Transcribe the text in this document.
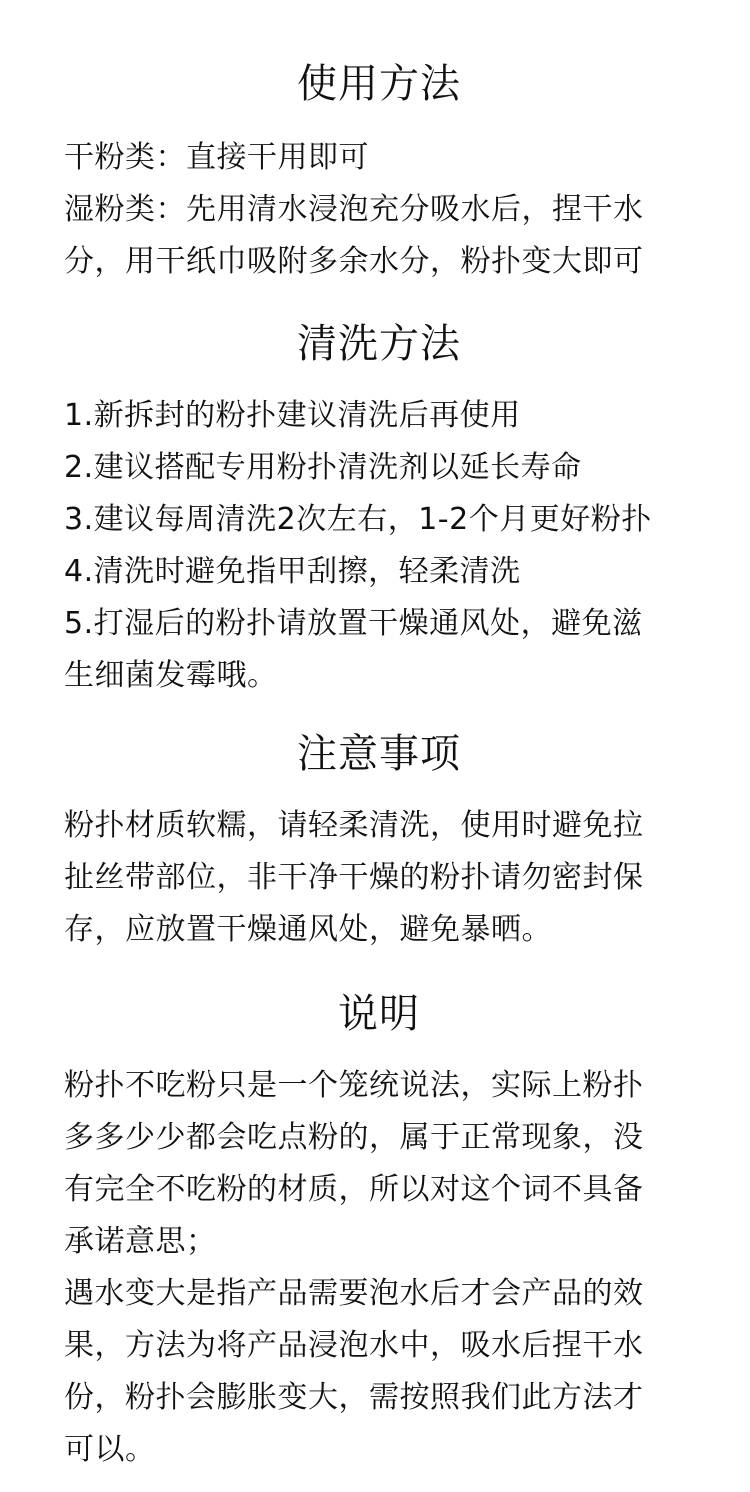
使用方法
干粉类：直接干用即可
湿粉类：先用清水浸泡充分吸水后，捏干水
分，用干纸巾吸附多余水分，粉扑变大即可
清洗方法
1.新拆封的粉扑建议清洗后再使用
2.建议搭配专用粉扑清洗剂以延长寿命
3.建议每周清洗2次左右，1-2个月更好粉扑
4.清洗时避免指甲刮擦，轻柔清洗
5.打湿后的粉扑请放置干燥通风处，避免滋
生细菌发霉哦。
注意事项
粉扑材质软糯，请轻柔清洗，使用时避免拉
扯丝带部位，非干净干燥的粉扑请勿密封保
存，应放置干燥通风处，避免暴晒。
说明
粉扑不吃粉只是一个笼统说法，实际上粉扑
多多少少都会吃点粉的，属于正常现象，没
有完全不吃粉的材质，所以对这个词不具备
承诺意思；
遇水变大是指产品需要泡水后才会产品的效
果，方法为将产品浸泡水中，吸水后捏干水
份，粉扑会膨胀变大，需按照我们此方法才
可以。
